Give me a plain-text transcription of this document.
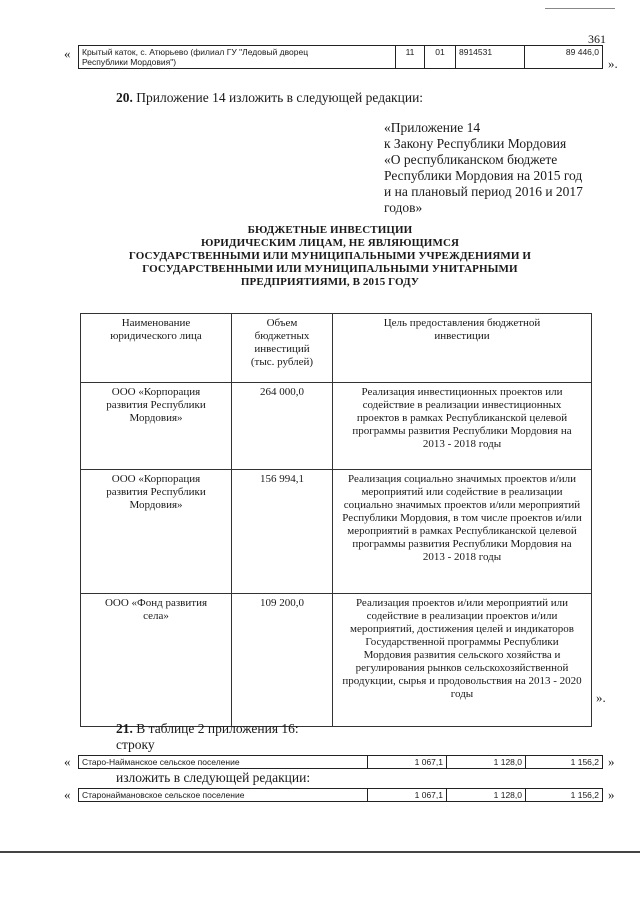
361
« Крытый каток, с. Атюрьево (филиал ГУ "Ледовый дворец
Республики Мордовия")
	11	01	8914531	89 446,0
».
20. Приложение 14 изложить в следующей редакции:
«Приложение 14
к Закону Республики Мордовия
«О республиканском бюджете
Республики Мордовия на 2015 год
и на плановый период 2016 и 2017
годов»
БЮДЖЕТНЫЕ ИНВЕСТИЦИИ
ЮРИДИЧЕСКИМ ЛИЦАМ, НЕ ЯВЛЯЮЩИМСЯ
ГОСУДАРСТВЕННЫМИ ИЛИ МУНИЦИПАЛЬНЫМИ УЧРЕЖДЕНИЯМИ И
ГОСУДАРСТВЕННЫМИ ИЛИ МУНИЦИПАЛЬНЫМИ УНИТАРНЫМИ
ПРЕДПРИЯТИЯМИ, В 2015 ГОДУ
Наименование юридического лица	Объем бюджетных инвестиций (тыс. рублей)	Цель предоставления бюджетной инвестиции

ООО «Корпорация развития Республики Мордовия»	264 000,0	Реализация инвестиционных проектов или содействие в реализации инвестиционных проектов в рамках Республиканской целевой программы развития Республики Мордовия на 2013 - 2018 годы

ООО «Корпорация развития Республики Мордовия»	156 994,1	Реализация социально значимых проектов и/или мероприятий или содействие в реализации социально значимых проектов и/или мероприятий Республики Мордовия, в том числе проектов и/или мероприятий в рамках Республиканской целевой программы развития Республики Мордовия на 2013 - 2018 годы

ООО «Фонд развития села»	109 200,0	Реализация проектов и/или мероприятий или содействие в реализации проектов и/или мероприятий, достижения целей и индикаторов Государственной программы Республики Мордовия развития сельского хозяйства и регулирования рынков сельскохозяйственной продукции, сырья и продовольствия на 2013 - 2020 годы	».
21. В таблице 2 приложения 16:
строку
« Старо-Найманское сельское поселение	1 067,1	1 128,0	1 156,2 »
изложить в следующей редакции:
« Старонаймановское сельское поселение	1 067,1	1 128,0	1 156,2 »
